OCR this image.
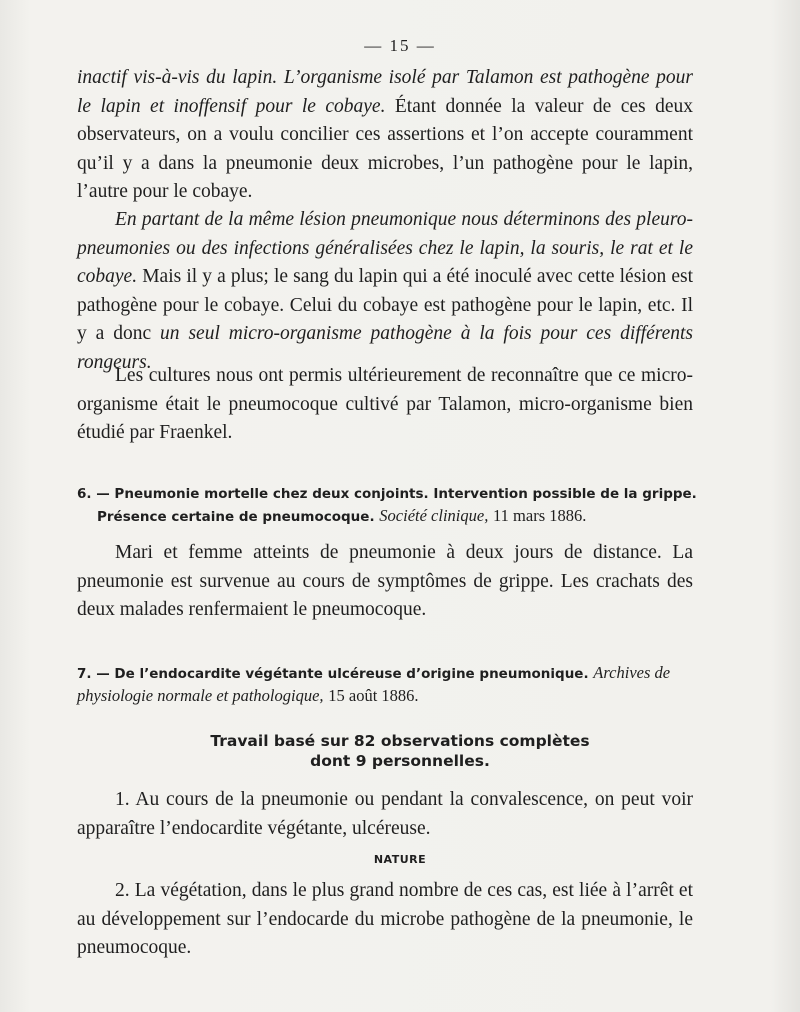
— 15 —

inactif vis-à-vis du lapin. L’organisme isolé par Talamon est pathogène pour le lapin et inoffensif pour le cobaye. Étant donnée la valeur de ces deux observateurs, on a voulu concilier ces assertions et l’on accepte couramment qu’il y a dans la pneumonie deux microbes, l’un pathogène pour le lapin, l’autre pour le cobaye.

En partant de la même lésion pneumonique nous déterminons des pleuro-pneumonies ou des infections généralisées chez le lapin, la souris, le rat et le cobaye. Mais il y a plus; le sang du lapin qui a été inoculé avec cette lésion est pathogène pour le cobaye. Celui du cobaye est pathogène pour le lapin, etc. Il y a donc un seul micro-organisme pathogène à la fois pour ces différents rongeurs.

Les cultures nous ont permis ultérieurement de reconnaître que ce micro-organisme était le pneumocoque cultivé par Talamon, micro-organisme bien étudié par Fraenkel.

6. — Pneumonie mortelle chez deux conjoints. Intervention possible de la grippe.
Présence certaine de pneumocoque. Société clinique, 11 mars 1886.

Mari et femme atteints de pneumonie à deux jours de distance. La pneumonie est survenue au cours de symptômes de grippe. Les crachats des deux malades renfermaient le pneumocoque.

7. — De l’endocardite végétante ulcéreuse d’origine pneumonique. Archives de physiologie normale et pathologique, 15 août 1886.
Travail basé sur 82 observations complètes
dont 9 personnelles.

1. Au cours de la pneumonie ou pendant la convalescence, on peut voir apparaître l’endocardite végétante, ulcéreuse.

NATURE

2. La végétation, dans le plus grand nombre de ces cas, est liée à l’arrêt et au développement sur l’endocarde du microbe pathogène de la pneumonie, le pneumocoque.
